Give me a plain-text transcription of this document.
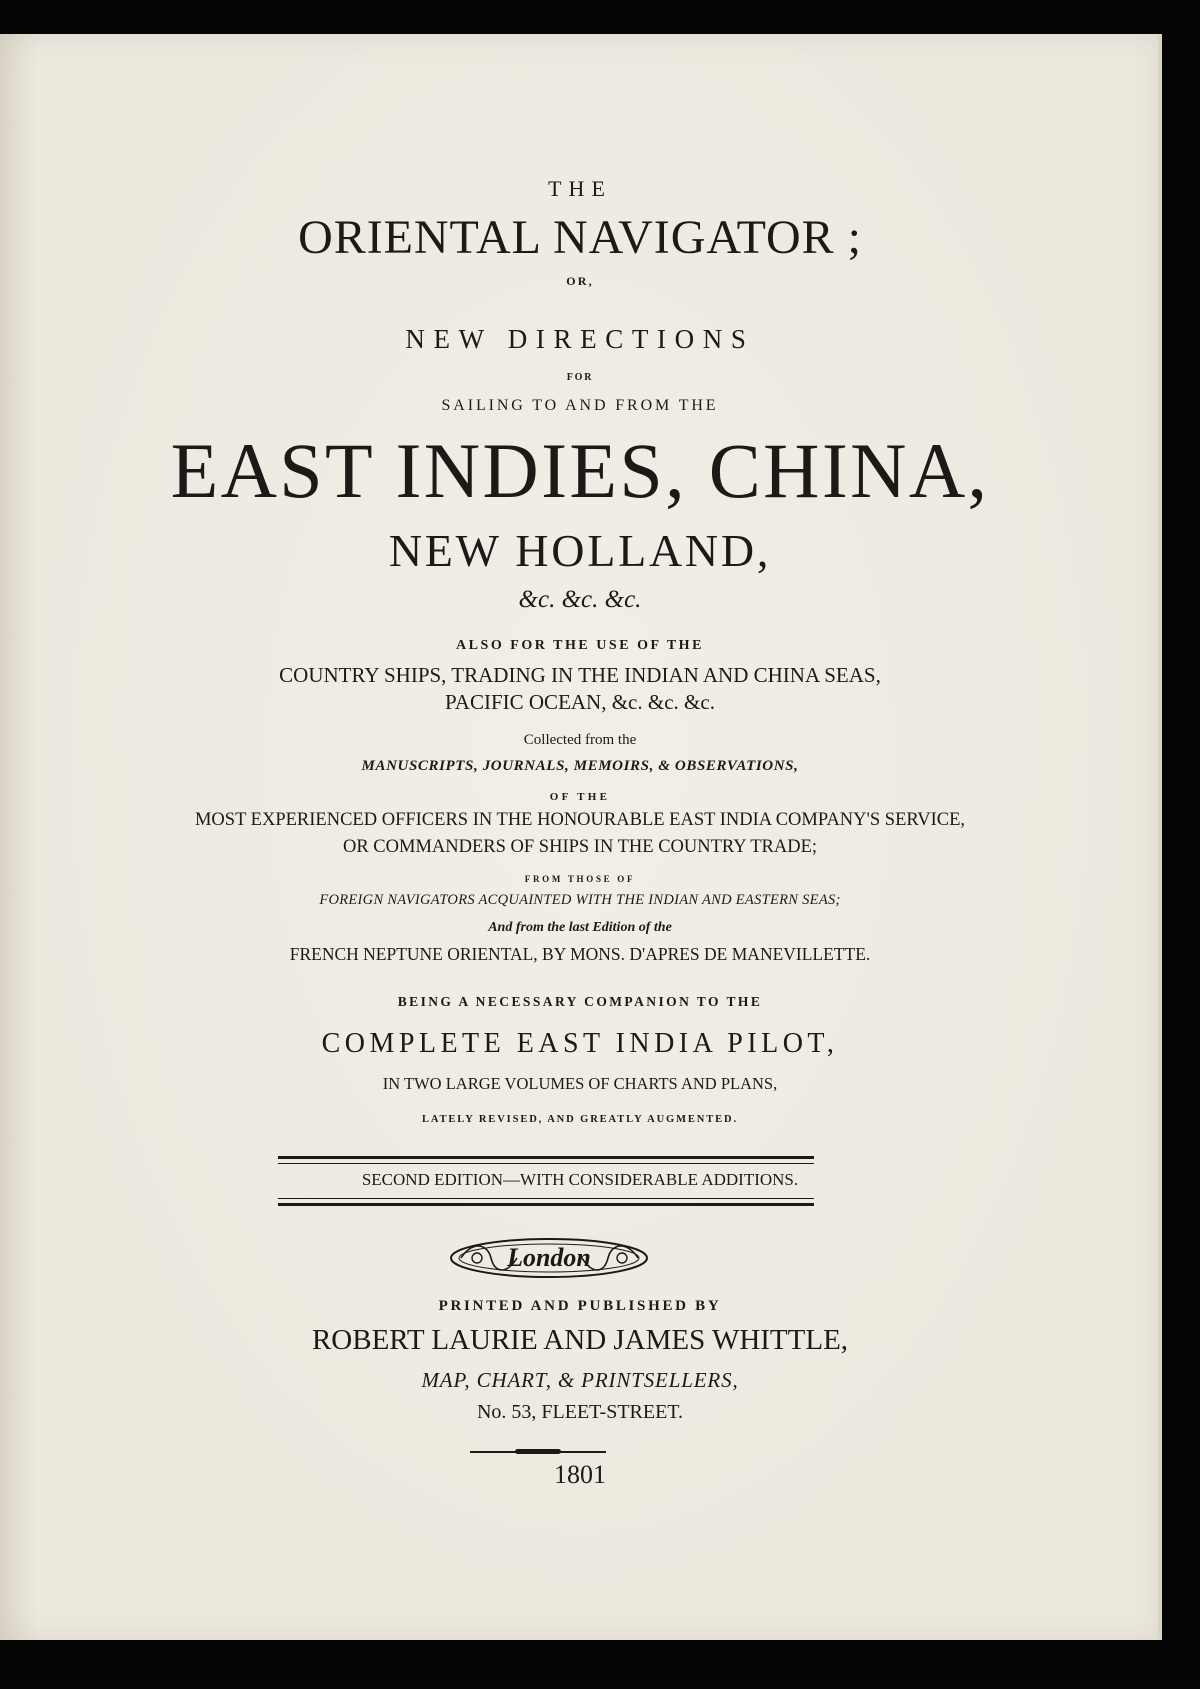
THE
ORIENTAL NAVIGATOR ;
OR,
NEW DIRECTIONS
FOR
SAILING TO AND FROM THE
EAST INDIES, CHINA,
NEW HOLLAND,
&c. &c. &c.
ALSO FOR THE USE OF THE
COUNTRY SHIPS, TRADING IN THE INDIAN AND CHINA SEAS,
PACIFIC OCEAN, &c. &c. &c.
Collected from the
MANUSCRIPTS, JOURNALS, MEMOIRS, & OBSERVATIONS,
OF THE
MOST EXPERIENCED OFFICERS IN THE HONOURABLE EAST INDIA COMPANY'S SERVICE,
OR COMMANDERS OF SHIPS IN THE COUNTRY TRADE;
FROM THOSE OF
FOREIGN NAVIGATORS ACQUAINTED WITH THE INDIAN AND EASTERN SEAS;
And from the last Edition of the
FRENCH NEPTUNE ORIENTAL, BY MONS. D'APRES DE MANEVILLETTE.
BEING A NECESSARY COMPANION TO THE
COMPLETE EAST INDIA PILOT,
IN TWO LARGE VOLUMES OF CHARTS AND PLANS,
LATELY REVISED, AND GREATLY AUGMENTED.
SECOND EDITION—WITH CONSIDERABLE ADDITIONS.
London
PRINTED AND PUBLISHED BY
ROBERT LAURIE AND JAMES WHITTLE,
MAP, CHART, & PRINTSELLERS,
No. 53, FLEET-STREET.
1801
